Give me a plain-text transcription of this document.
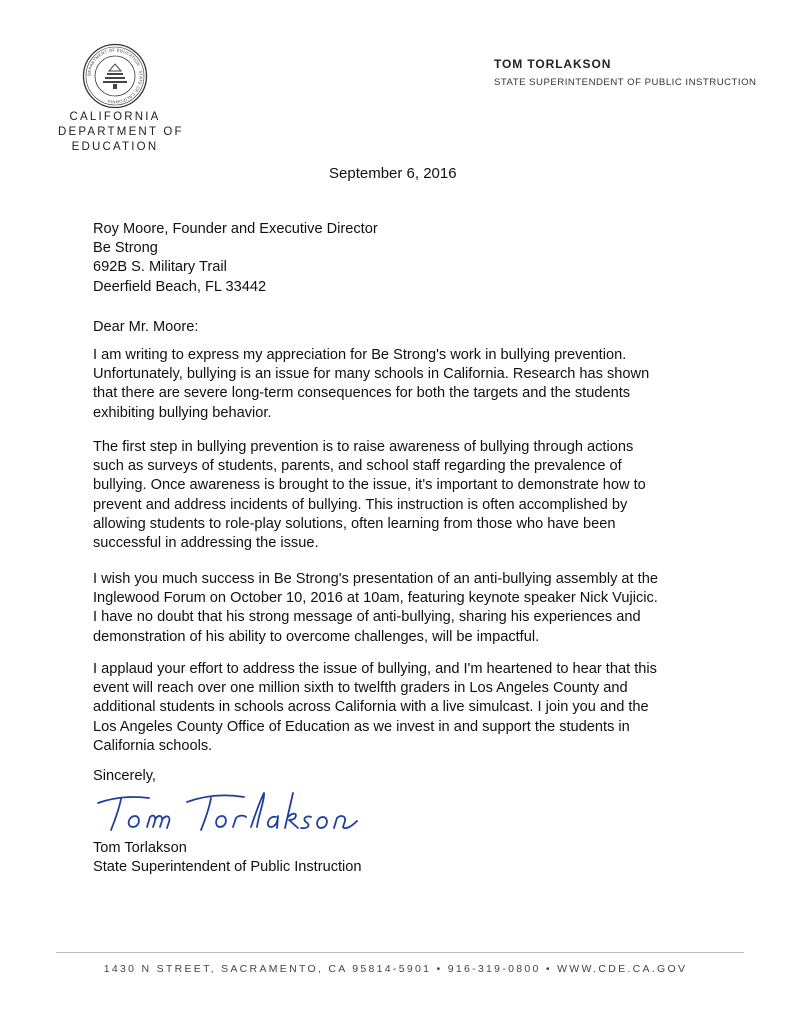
DEPARTMENT OF EDUCATION · STATE OF CALIFORNIA
CALIFORNIA
DEPARTMENT OF
EDUCATION
TOM TORLAKSON
STATE SUPERINTENDENT OF PUBLIC INSTRUCTION
September 6, 2016
Roy Moore, Founder and Executive Director
Be Strong
692B S. Military Trail
Deerfield Beach, FL 33442
Dear Mr. Moore:
I am writing to express my appreciation for Be Strong's work in bullying prevention.
Unfortunately, bullying is an issue for many schools in California. Research has shown
that there are severe long-term consequences for both the targets and the students
exhibiting bullying behavior.
The first step in bullying prevention is to raise awareness of bullying through actions
such as surveys of students, parents, and school staff regarding the prevalence of
bullying. Once awareness is brought to the issue, it's important to demonstrate how to
prevent and address incidents of bullying. This instruction is often accomplished by
allowing students to role-play solutions, often learning from those who have been
successful in addressing the issue.
I wish you much success in Be Strong's presentation of an anti-bullying assembly at the
Inglewood Forum on October 10, 2016 at 10am, featuring keynote speaker Nick Vujicic.
I have no doubt that his strong message of anti-bullying, sharing his experiences and
demonstration of his ability to overcome challenges, will be impactful.
I applaud your effort to address the issue of bullying, and I'm heartened to hear that this
event will reach over one million sixth to twelfth graders in Los Angeles County and
additional students in schools across California with a live simulcast. I join you and the
Los Angeles County Office of Education as we invest in and support the students in
California schools.
Sincerely,
Tom Torlakson
State Superintendent of Public Instruction
1430 N STREET, SACRAMENTO, CA 95814-5901 • 916-319-0800 • WWW.CDE.CA.GOV
